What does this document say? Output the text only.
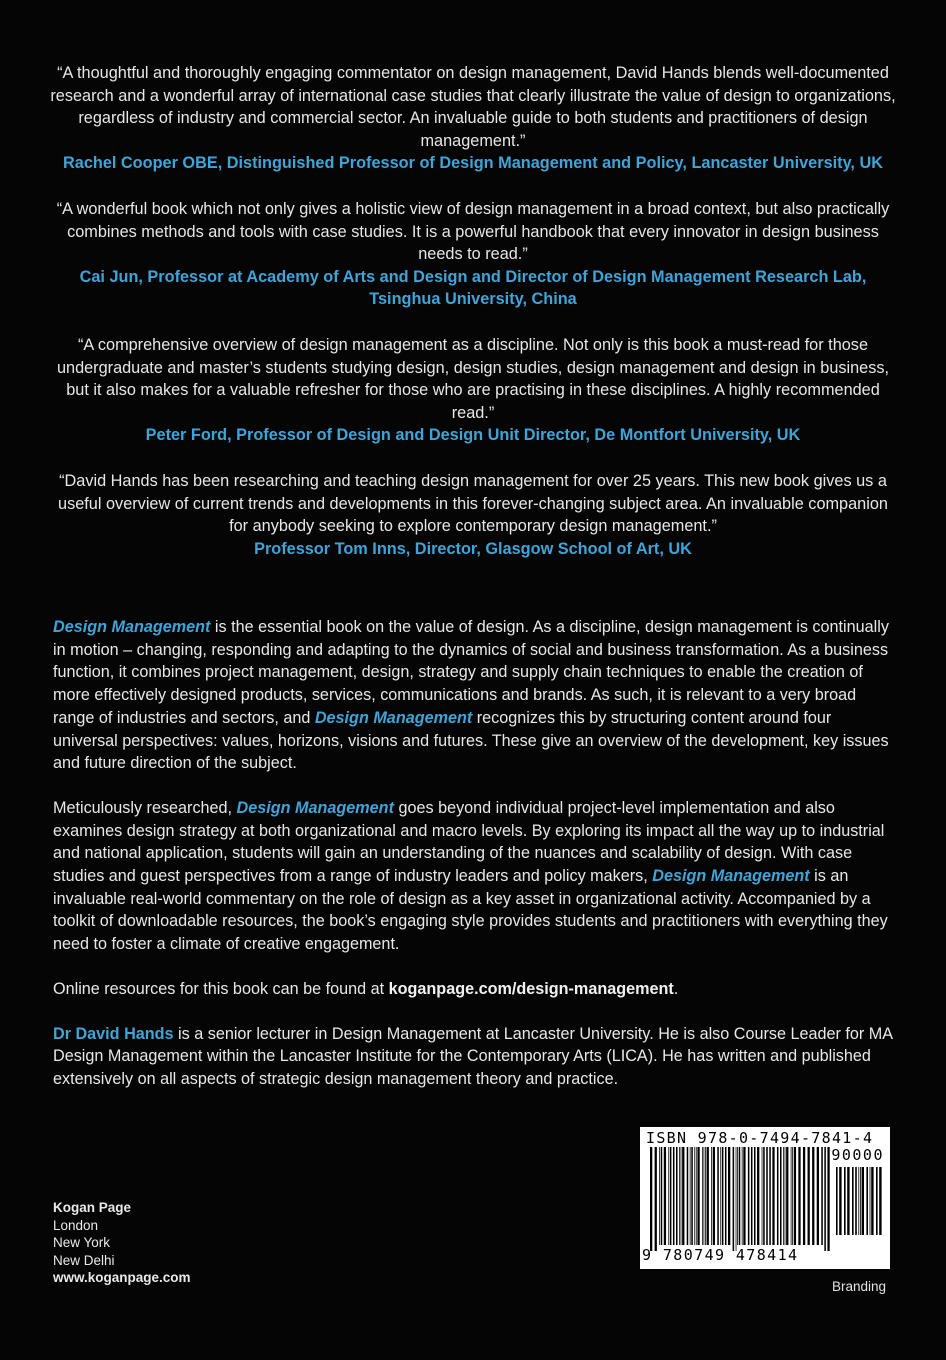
“A thoughtful and thoroughly engaging commentator on design management, David Hands blends well-documented research and a wonderful array of international case studies that clearly illustrate the value of design to organizations, regardless of industry and commercial sector. An invaluable guide to both students and practitioners of design management.”
Rachel Cooper OBE, Distinguished Professor of Design Management and Policy, Lancaster University, UK
“A wonderful book which not only gives a holistic view of design management in a broad context, but also practically combines methods and tools with case studies. It is a powerful handbook that every innovator in design business needs to read.”
Cai Jun, Professor at Academy of Arts and Design and Director of Design Management Research Lab, Tsinghua University, China
“A comprehensive overview of design management as a discipline. Not only is this book a must-read for those undergraduate and master’s students studying design, design studies, design management and design in business, but it also makes for a valuable refresher for those who are practising in these disciplines. A highly recommended read.”
Peter Ford, Professor of Design and Design Unit Director, De Montfort University, UK
“David Hands has been researching and teaching design management for over 25 years. This new book gives us a useful overview of current trends and developments in this forever-changing subject area. An invaluable companion for anybody seeking to explore contemporary design management.”
Professor Tom Inns, Director, Glasgow School of Art, UK

Design Management is the essential book on the value of design. As a discipline, design management is continually in motion – changing, responding and adapting to the dynamics of social and business transformation. As a business function, it combines project management, design, strategy and supply chain techniques to enable the creation of more effectively designed products, services, communications and brands. As such, it is relevant to a very broad range of industries and sectors, and Design Management recognizes this by structuring content around four universal perspectives: values, horizons, visions and futures. These give an overview of the development, key issues and future direction of the subject.

Meticulously researched, Design Management goes beyond individual project-level implementation and also examines design strategy at both organizational and macro levels. By exploring its impact all the way up to industrial and national application, students will gain an understanding of the nuances and scalability of design. With case studies and guest perspectives from a range of industry leaders and policy makers, Design Management is an invaluable real-world commentary on the role of design as a key asset in organizational activity. Accompanied by a toolkit of downloadable resources, the book’s engaging style provides students and practitioners with everything they need to foster a climate of creative engagement.

Online resources for this book can be found at koganpage.com/design-management.

Dr David Hands is a senior lecturer in Design Management at Lancaster University. He is also Course Leader for MA Design Management within the Lancaster Institute for the Contemporary Arts (LICA). He has written and published extensively on all aspects of strategic design management theory and practice.

Kogan Page
London
New York
New Delhi
www.koganpage.com
ISBN 978-0-7494-7841-4
90000
9 780749 478414
Branding
